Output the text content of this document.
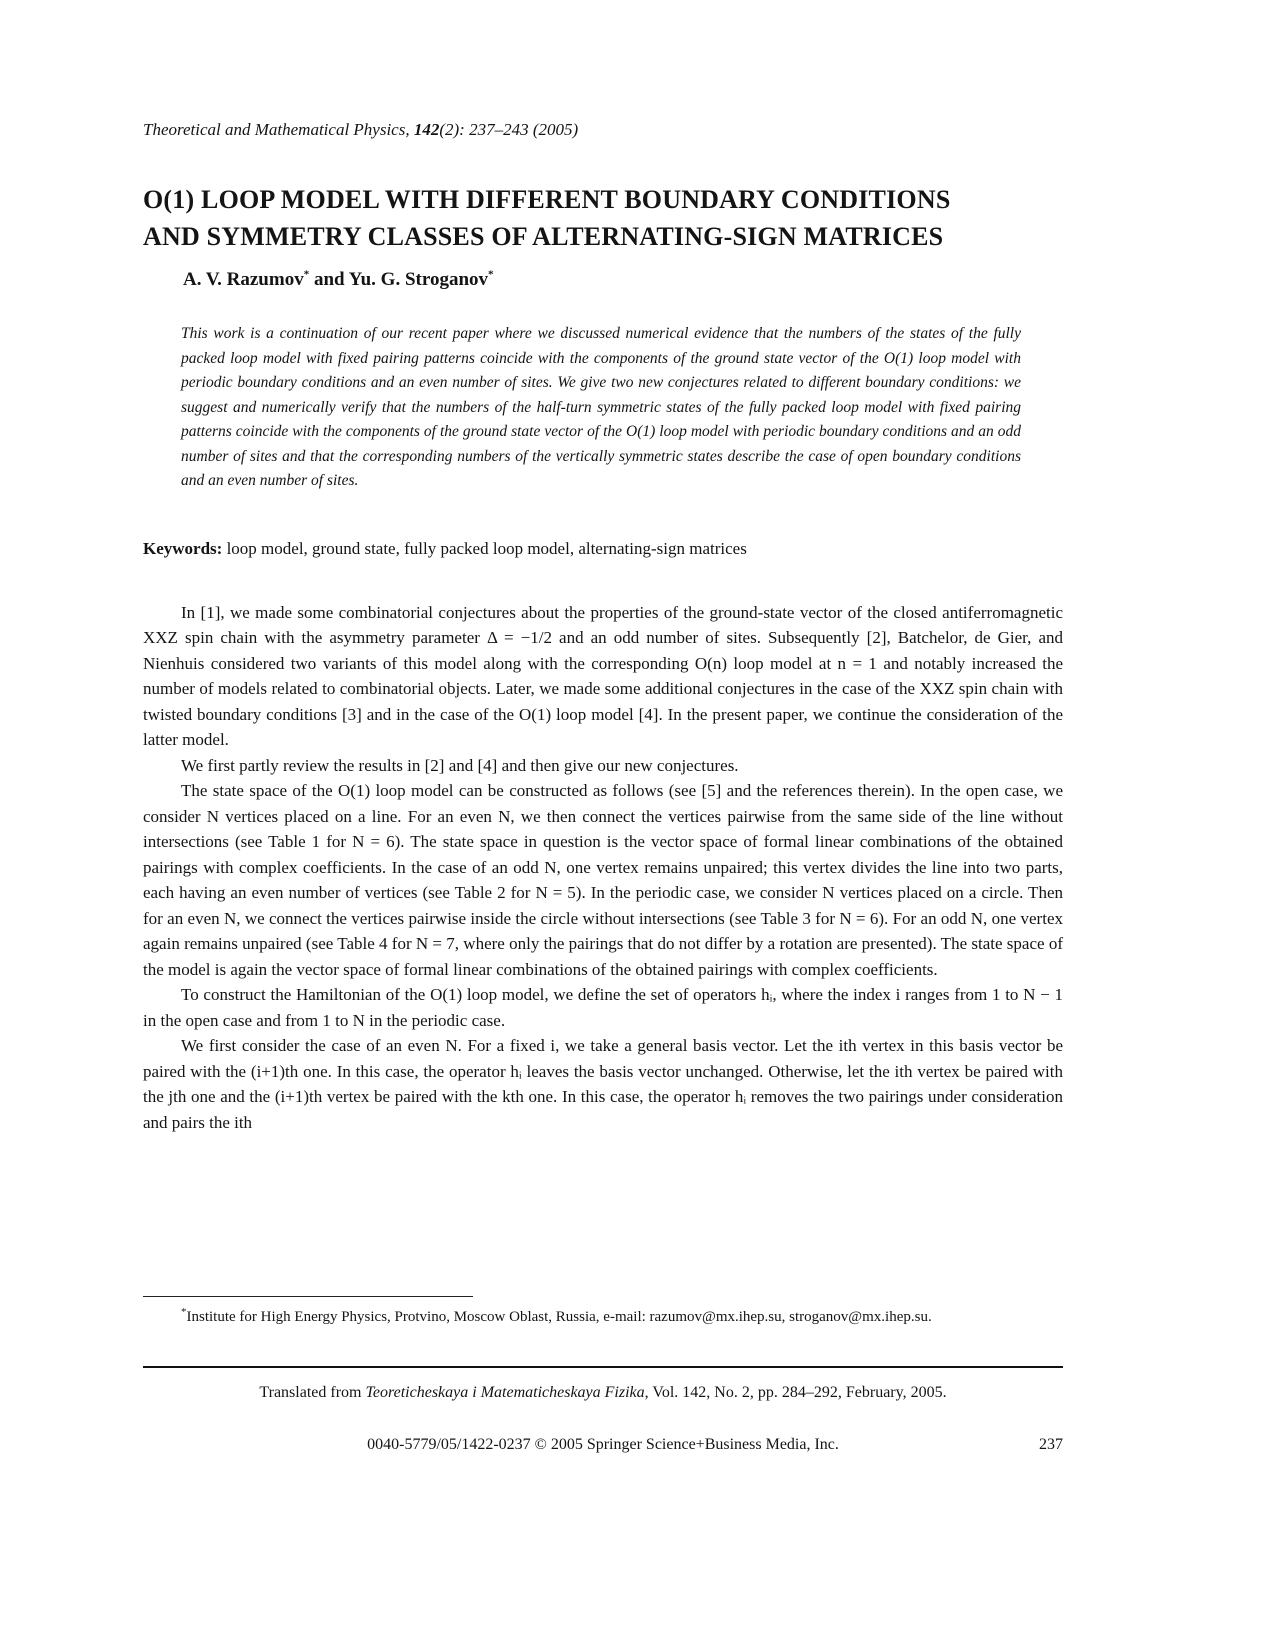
Theoretical and Mathematical Physics, 142(2): 237–243 (2005)

O(1) LOOP MODEL WITH DIFFERENT BOUNDARY CONDITIONS
AND SYMMETRY CLASSES OF ALTERNATING-SIGN MATRICES

A. V. Razumov* and Yu. G. Stroganov*

This work is a continuation of our recent paper where we discussed numerical evidence that the numbers of the states of the fully packed loop model with fixed pairing patterns coincide with the components of the ground state vector of the O(1) loop model with periodic boundary conditions and an even number of sites. We give two new conjectures related to different boundary conditions: we suggest and numerically verify that the numbers of the half-turn symmetric states of the fully packed loop model with fixed pairing patterns coincide with the components of the ground state vector of the O(1) loop model with periodic boundary conditions and an odd number of sites and that the corresponding numbers of the vertically symmetric states describe the case of open boundary conditions and an even number of sites.

Keywords: loop model, ground state, fully packed loop model, alternating-sign matrices

In [1], we made some combinatorial conjectures about the properties of the ground-state vector of the closed antiferromagnetic XXZ spin chain with the asymmetry parameter Δ = −1/2 and an odd number of sites. Subsequently [2], Batchelor, de Gier, and Nienhuis considered two variants of this model along with the corresponding O(n) loop model at n = 1 and notably increased the number of models related to combinatorial objects. Later, we made some additional conjectures in the case of the XXZ spin chain with twisted boundary conditions [3] and in the case of the O(1) loop model [4]. In the present paper, we continue the consideration of the latter model.

We first partly review the results in [2] and [4] and then give our new conjectures.

The state space of the O(1) loop model can be constructed as follows (see [5] and the references therein). In the open case, we consider N vertices placed on a line. For an even N, we then connect the vertices pairwise from the same side of the line without intersections (see Table 1 for N = 6). The state space in question is the vector space of formal linear combinations of the obtained pairings with complex coefficients. In the case of an odd N, one vertex remains unpaired; this vertex divides the line into two parts, each having an even number of vertices (see Table 2 for N = 5). In the periodic case, we consider N vertices placed on a circle. Then for an even N, we connect the vertices pairwise inside the circle without intersections (see Table 3 for N = 6). For an odd N, one vertex again remains unpaired (see Table 4 for N = 7, where only the pairings that do not differ by a rotation are presented). The state space of the model is again the vector space of formal linear combinations of the obtained pairings with complex coefficients.

To construct the Hamiltonian of the O(1) loop model, we define the set of operators hᵢ, where the index i ranges from 1 to N − 1 in the open case and from 1 to N in the periodic case.

We first consider the case of an even N. For a fixed i, we take a general basis vector. Let the ith vertex in this basis vector be paired with the (i+1)th one. In this case, the operator hᵢ leaves the basis vector unchanged. Otherwise, let the ith vertex be paired with the jth one and the (i+1)th vertex be paired with the kth one. In this case, the operator hᵢ removes the two pairings under consideration and pairs the ith

*Institute for High Energy Physics, Protvino, Moscow Oblast, Russia, e-mail: razumov@mx.ihep.su, stroganov@mx.ihep.su.

Translated from Teoreticheskaya i Matematicheskaya Fizika, Vol. 142, No. 2, pp. 284–292, February, 2005.

0040-5779/05/1422-0237 © 2005 Springer Science+Business Media, Inc.	237
